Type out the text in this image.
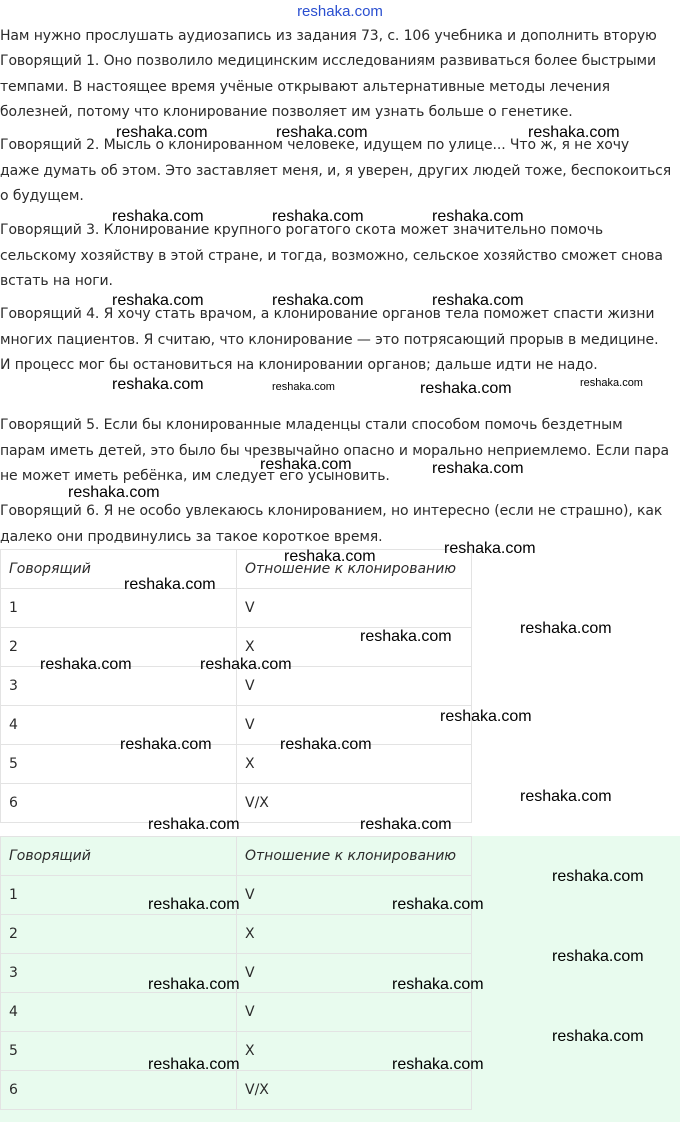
reshaka.com

Нам нужно прослушать аудиозапись из задания 73, с. 106 учебника и дополнить вторую

Говорящий 1. Оно позволило медицинским исследованиям развиваться более быстрыми темпами. В настоящее время учёные открывают альтернативные методы лечения болезней, потому что клонирование позволяет им узнать больше о генетике.

Говорящий 2. Мысль о клонированном человеке, идущем по улице... Что ж, я не хочу даже думать об этом. Это заставляет меня, и, я уверен, других людей тоже, беспокоиться о будущем.

Говорящий 3. Клонирование крупного рогатого скота может значительно помочь сельскому хозяйству в этой стране, и тогда, возможно, сельское хозяйство сможет снова встать на ноги.

Говорящий 4. Я хочу стать врачом, а клонирование органов тела поможет спасти жизни многих пациентов. Я считаю, что клонирование — это потрясающий прорыв в медицине. И процесс мог бы остановиться на клонировании органов; дальше идти не надо.

Говорящий 5. Если бы клонированные младенцы стали способом помочь бездетным парам иметь детей, это было бы чрезвычайно опасно и морально неприемлемо. Если пара не может иметь ребёнка, им следует его усыновить.

Говорящий 6. Я не особо увлекаюсь клонированием, но интересно (если не страшно), как далеко они продвинулись за такое короткое время.

Говорящий	Отношение к клонированию
1	V
2	X
3	V
4	V
5	X
6	V/X
Говорящий	Отношение к клонированию
1	V
2	X
3	V
4	V
5	X
6	V/X
reshaka.com	reshaka.com	reshaka.com
reshaka.com	reshaka.com	reshaka.com
reshaka.com	reshaka.com	reshaka.com
reshaka.com	reshaka.com	reshaka.com	reshaka.com
reshaka.com	reshaka.com
reshaka.com
reshaka.com	reshaka.com
reshaka.com
reshaka.com
reshaka.com
reshaka.com	reshaka.com
reshaka.com
reshaka.com	reshaka.com
reshaka.com
reshaka.com	reshaka.com
reshaka.com
reshaka.com	reshaka.com
reshaka.com
reshaka.com	reshaka.com
reshaka.com
reshaka.com	reshaka.com
